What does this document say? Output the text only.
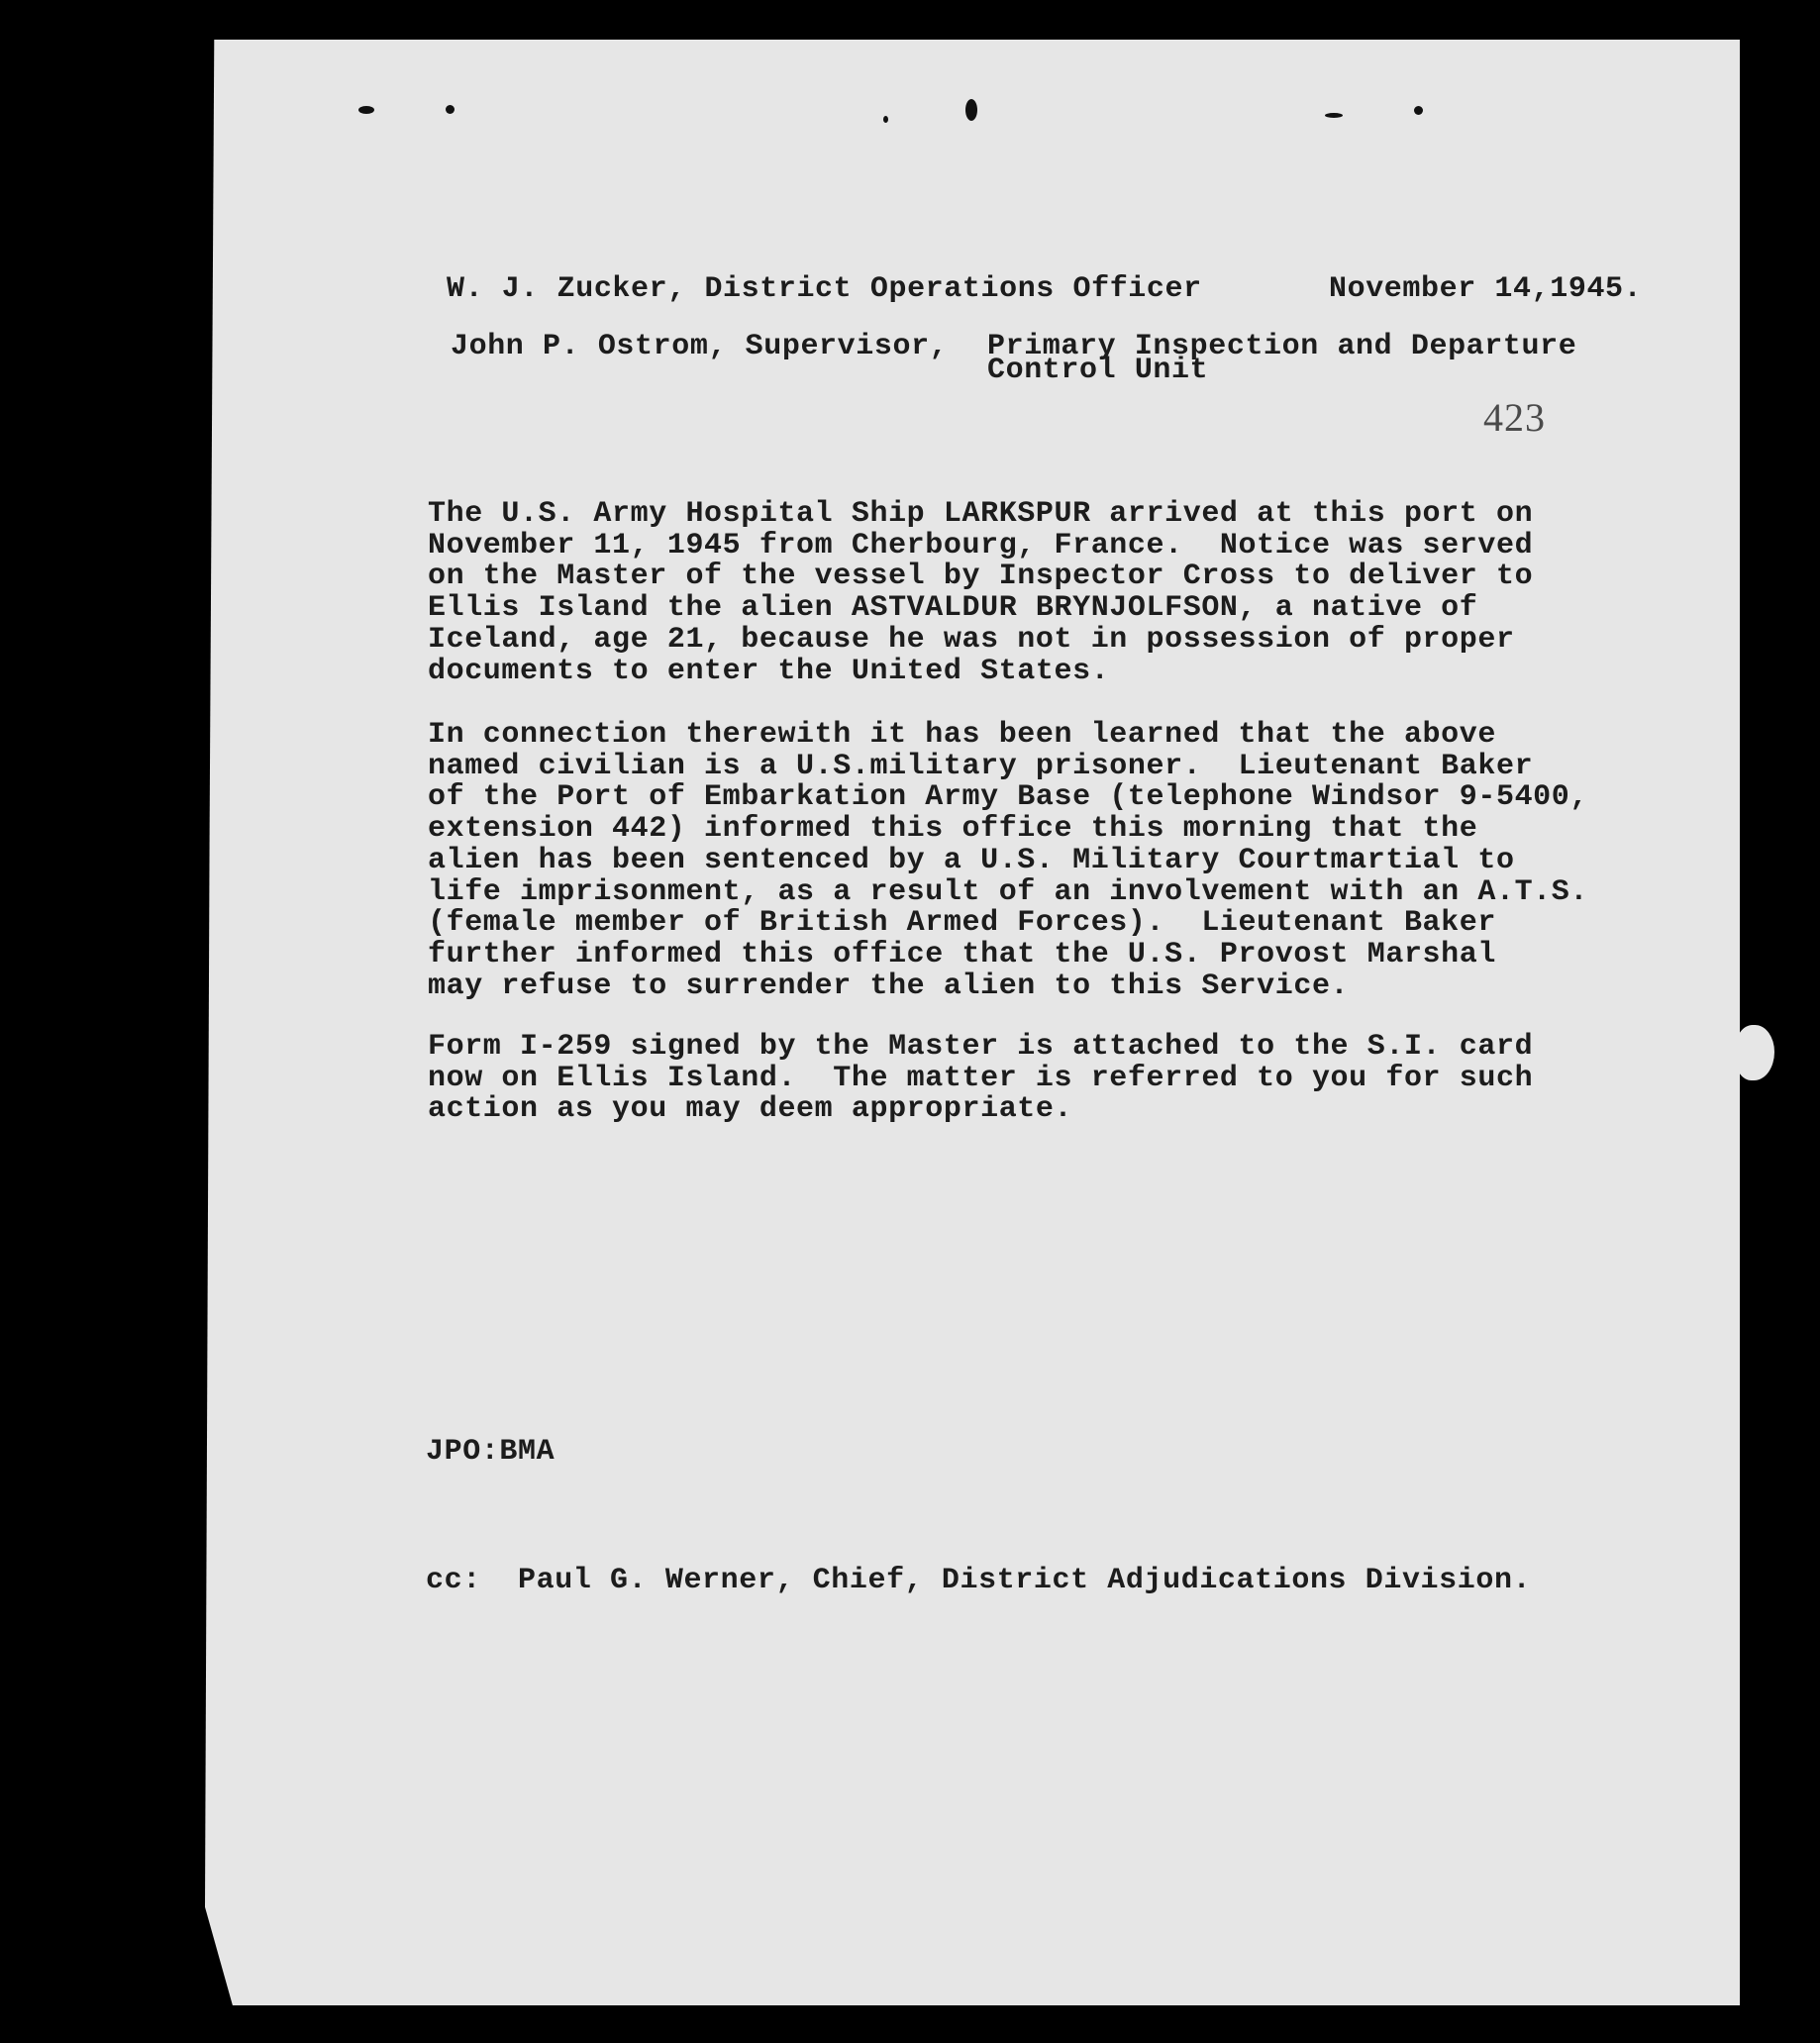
W. J. Zucker, District Operations Officer	November 14,1945.
John P. Ostrom, Supervisor, Primary Inspection and Departure
Control Unit
423
The U.S. Army Hospital Ship LARKSPUR arrived at this port on
November 11, 1945 from Cherbourg, France.  Notice was served
on the Master of the vessel by Inspector Cross to deliver to
Ellis Island the alien ASTVALDUR BRYNJOLFSON, a native of
Iceland, age 21, because he was not in possession of proper
documents to enter the United States.
In connection therewith it has been learned that the above
named civilian is a U.S.military prisoner.  Lieutenant Baker
of the Port of Embarkation Army Base (telephone Windsor 9-5400,
extension 442) informed this office this morning that the
alien has been sentenced by a U.S. Military Courtmartial to
life imprisonment, as a result of an involvement with an A.T.S.
(female member of British Armed Forces).  Lieutenant Baker
further informed this office that the U.S. Provost Marshal
may refuse to surrender the alien to this Service.
Form I-259 signed by the Master is attached to the S.I. card
now on Ellis Island.  The matter is referred to you for such
action as you may deem appropriate.
JPO:BMA
cc:  Paul G. Werner, Chief, District Adjudications Division.
